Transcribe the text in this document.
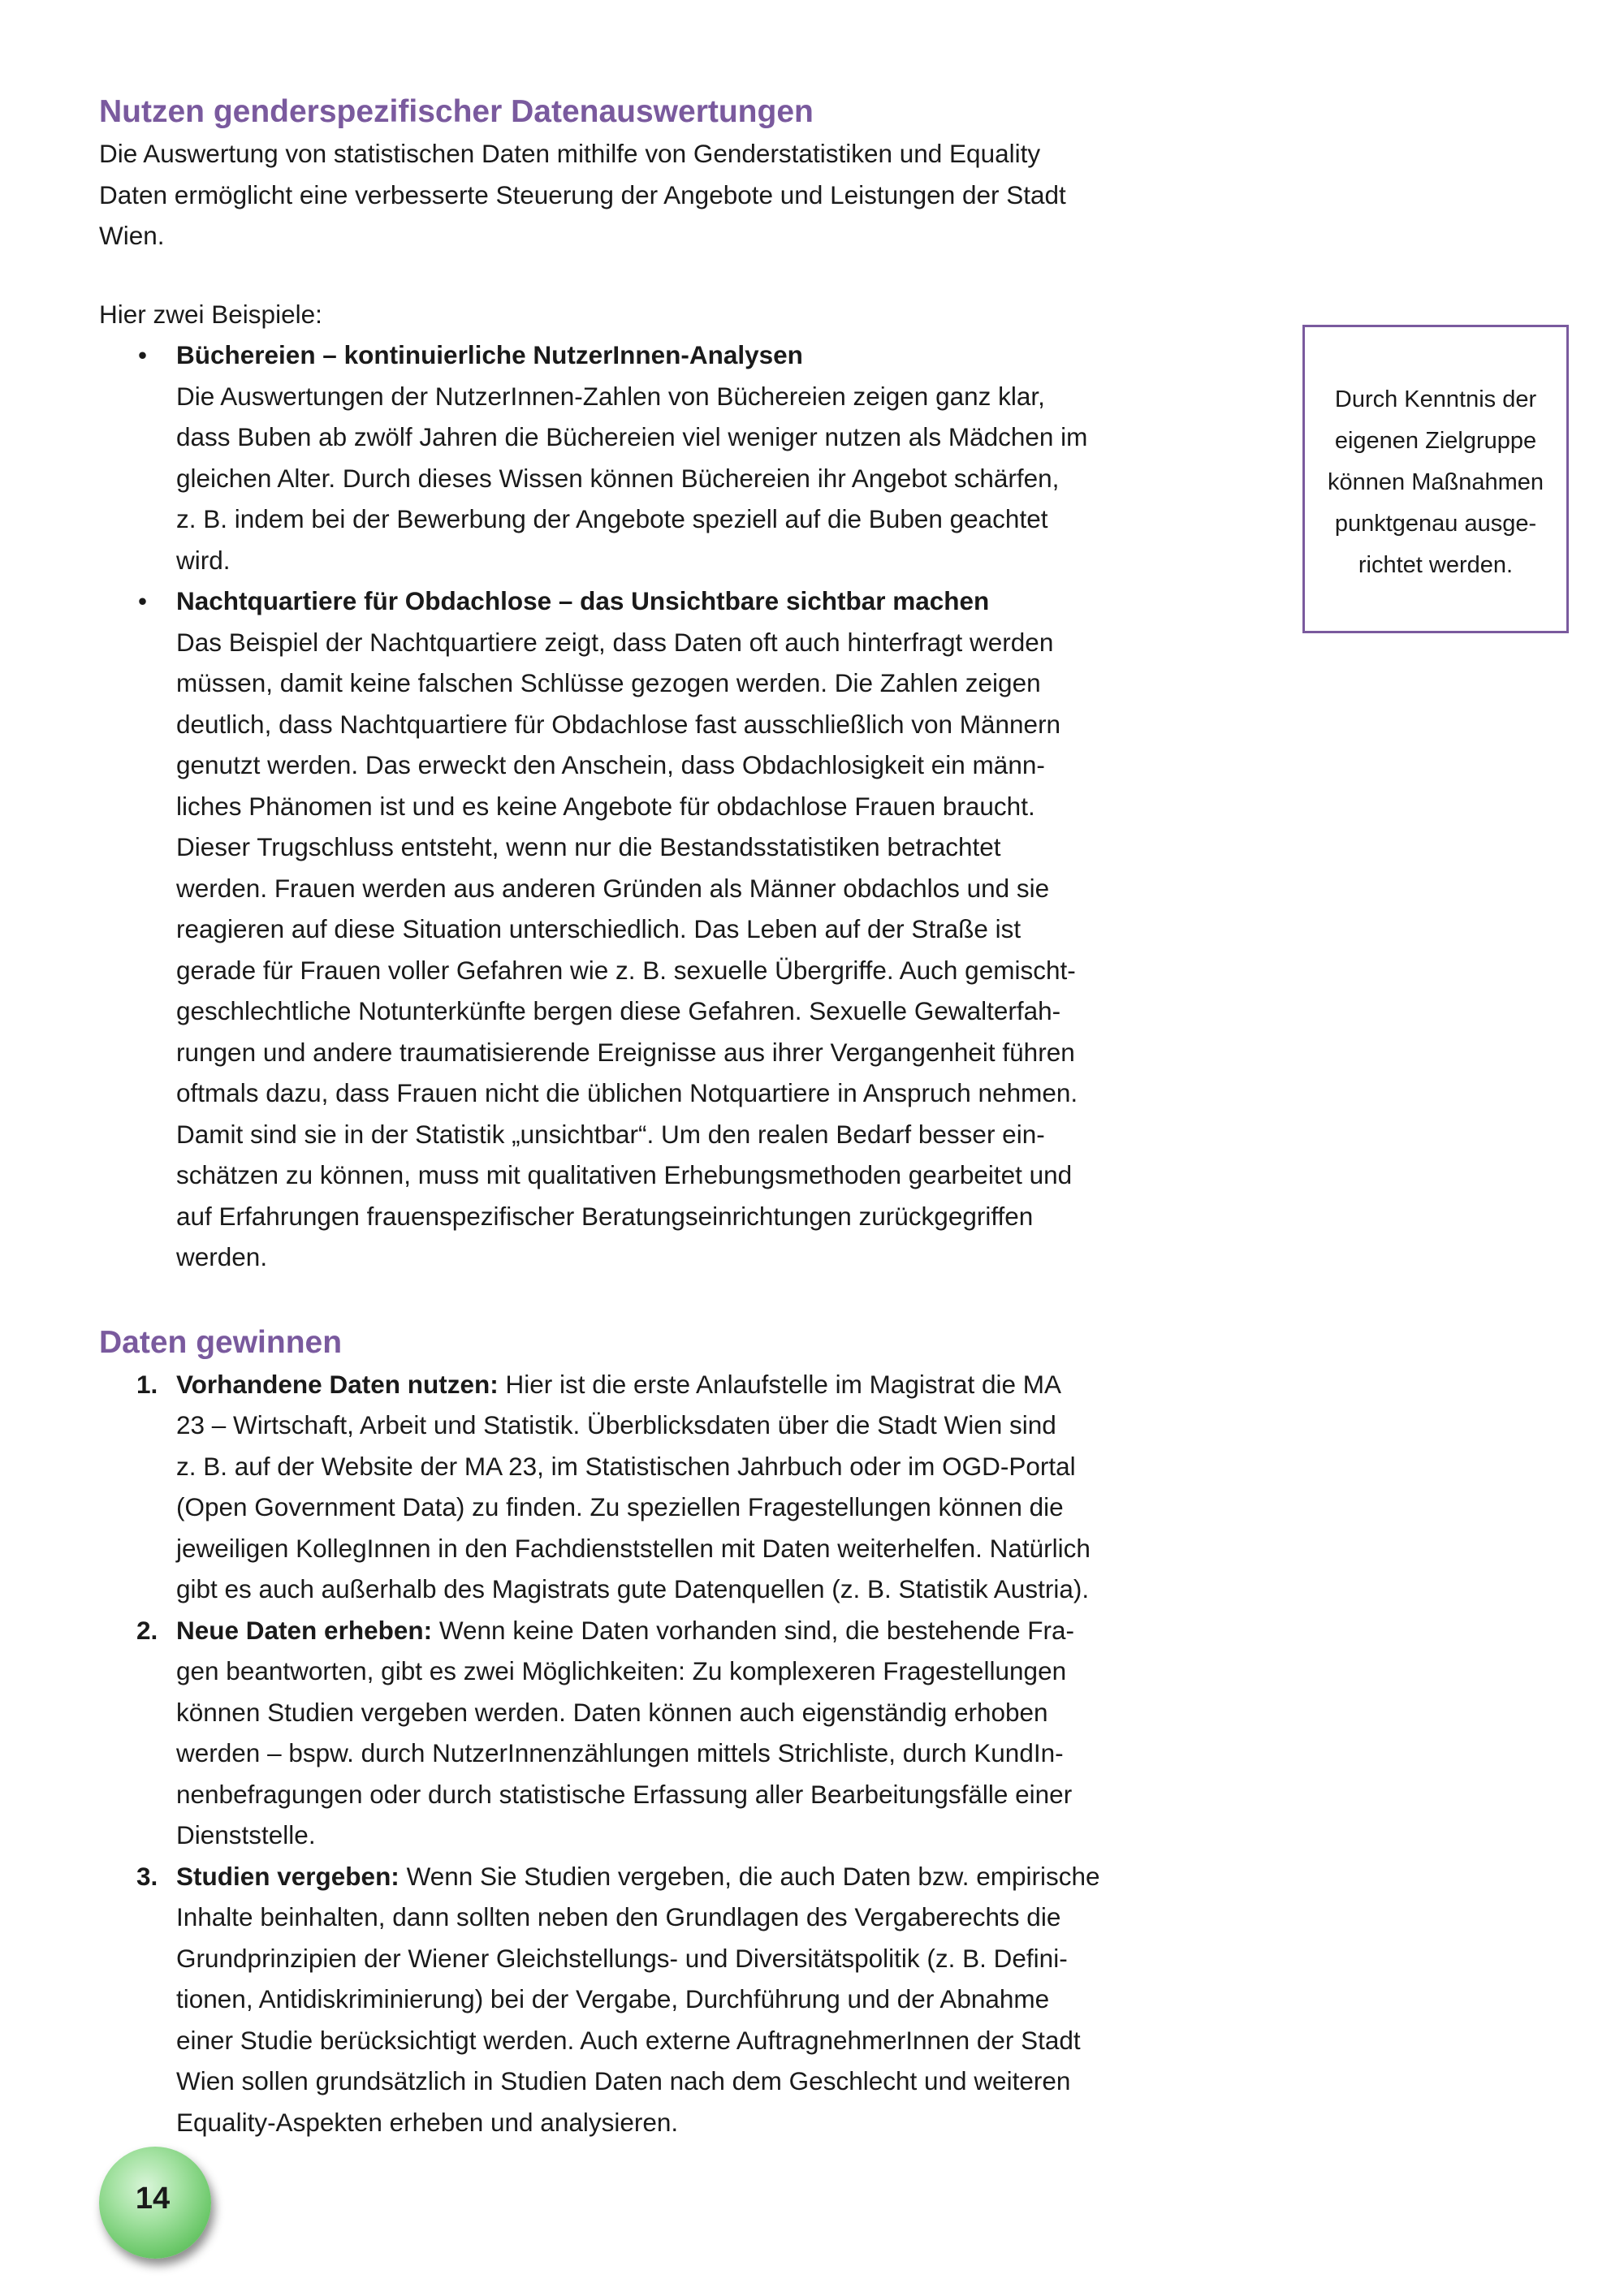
Nutzen genderspezifischer Datenauswertungen

Die Auswertung von statistischen Daten mithilfe von Genderstatistiken und Equality
Daten ermöglicht eine verbesserte Steuerung der Angebote und Leistungen der Stadt
Wien.

Hier zwei Beispiele:

• Büchereien – kontinuierliche NutzerInnen-Analysen
Die Auswertungen der NutzerInnen-Zahlen von Büchereien zeigen ganz klar,
dass Buben ab zwölf Jahren die Büchereien viel weniger nutzen als Mädchen im
gleichen Alter. Durch dieses Wissen können Büchereien ihr Angebot schärfen,
z. B. indem bei der Bewerbung der Angebote speziell auf die Buben geachtet
wird.
• Nachtquartiere für Obdachlose – das Unsichtbare sichtbar machen
Das Beispiel der Nachtquartiere zeigt, dass Daten oft auch hinterfragt werden
müssen, damit keine falschen Schlüsse gezogen werden. Die Zahlen zeigen
deutlich, dass Nachtquartiere für Obdachlose fast ausschließlich von Männern
genutzt werden. Das erweckt den Anschein, dass Obdachlosigkeit ein männ-
liches Phänomen ist und es keine Angebote für obdachlose Frauen braucht.
Dieser Trugschluss entsteht, wenn nur die Bestandsstatistiken betrachtet
werden. Frauen werden aus anderen Gründen als Männer obdachlos und sie
reagieren auf diese Situation unterschiedlich. Das Leben auf der Straße ist
gerade für Frauen voller Gefahren wie z. B. sexuelle Übergriffe. Auch gemischt-
geschlechtliche Notunterkünfte bergen diese Gefahren. Sexuelle Gewalterfah-
rungen und andere traumatisierende Ereignisse aus ihrer Vergangenheit führen
oftmals dazu, dass Frauen nicht die üblichen Notquartiere in Anspruch nehmen.
Damit sind sie in der Statistik „unsichtbar“. Um den realen Bedarf besser ein-
schätzen zu können, muss mit qualitativen Erhebungsmethoden gearbeitet und
auf Erfahrungen frauenspezifischer Beratungseinrichtungen zurückgegriffen
werden.
Daten gewinnen
1. Vorhandene Daten nutzen: Hier ist die erste Anlaufstelle im Magistrat die MA
23 – Wirtschaft, Arbeit und Statistik. Überblicksdaten über die Stadt Wien sind
z. B. auf der Website der MA 23, im Statistischen Jahrbuch oder im OGD-Portal
(Open Government Data) zu finden. Zu speziellen Fragestellungen können die
jeweiligen KollegInnen in den Fachdienststellen mit Daten weiterhelfen. Natürlich
gibt es auch außerhalb des Magistrats gute Datenquellen (z. B. Statistik Austria).
2. Neue Daten erheben: Wenn keine Daten vorhanden sind, die bestehende Fra-
gen beantworten, gibt es zwei Möglichkeiten: Zu komplexeren Fragestellungen
können Studien vergeben werden. Daten können auch eigenständig erhoben
werden – bspw. durch NutzerInnenzählungen mittels Strichliste, durch KundIn-
nenbefragungen oder durch statistische Erfassung aller Bearbeitungsfälle einer
Dienststelle.
3. Studien vergeben: Wenn Sie Studien vergeben, die auch Daten bzw. empirische
Inhalte beinhalten, dann sollten neben den Grundlagen des Vergaberechts die
Grundprinzipien der Wiener Gleichstellungs- und Diversitätspolitik (z. B. Defini-
tionen, Antidiskriminierung) bei der Vergabe, Durchführung und der Abnahme
einer Studie berücksichtigt werden. Auch externe AuftragnehmerInnen der Stadt
Wien sollen grundsätzlich in Studien Daten nach dem Geschlecht und weiteren
Equality-Aspekten erheben und analysieren.

Durch Kenntnis der
eigenen Zielgruppe
können Maßnahmen
punktgenau ausge-
richtet werden.

14
